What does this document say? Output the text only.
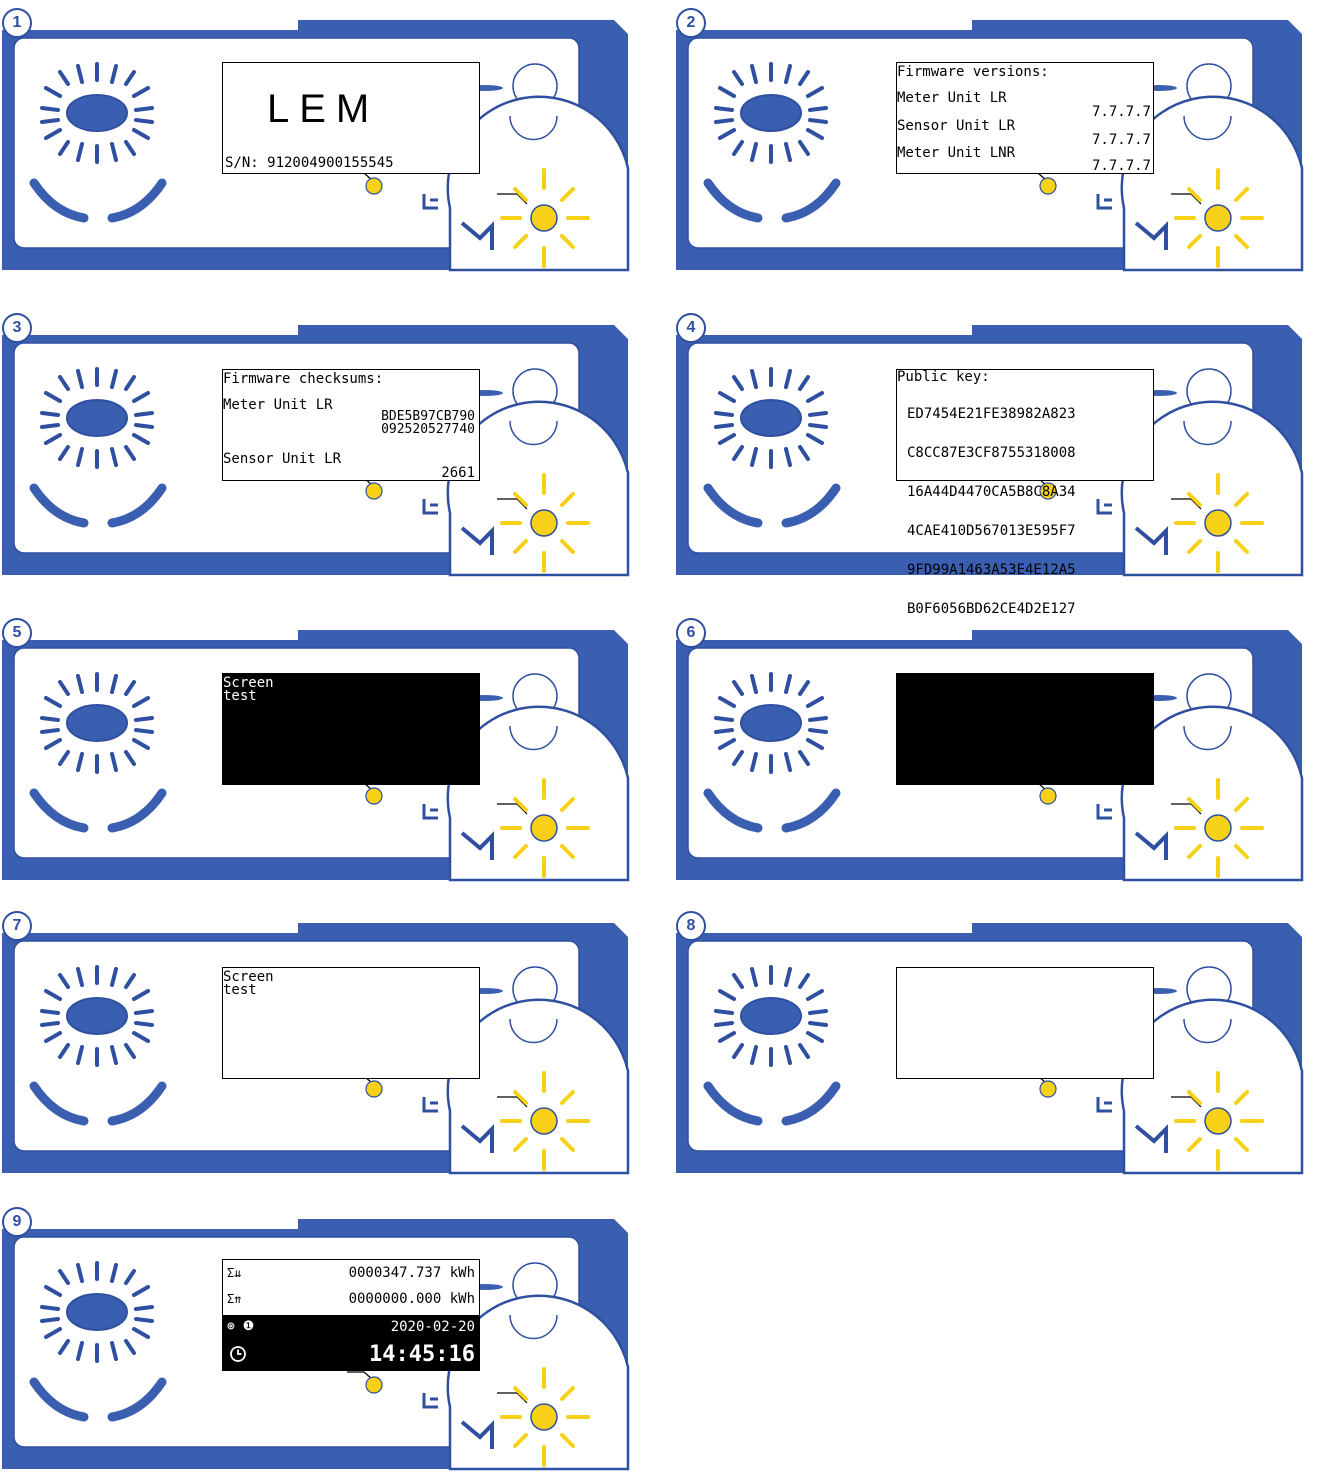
1
LEM
S/N: 912004900155545
2
Firmware versions:
Meter Unit LR
7.7.7.7
Sensor Unit LR
7.7.7.7
Meter Unit LNR
7.7.7.7
3
Firmware checksums:
Meter Unit LR
BDE5B97CB790
092520527740
Sensor Unit LR
2661
4
Public key:

ED7454E21FE38982A823

C8CC87E3CF8755318008

16A44D4470CA5B8C8A34

4CAE410D567013E595F7

9FD99A1463A53E4E12A5

B0F6056BD62CE4D2E127

5
Screen
test
6
7
Screen
test
8
9
Σ⇊	0000347.737 kWh
Σ⇈	0000000.000 kWh
⊛ ❶	2020-02-20
14:45:16
